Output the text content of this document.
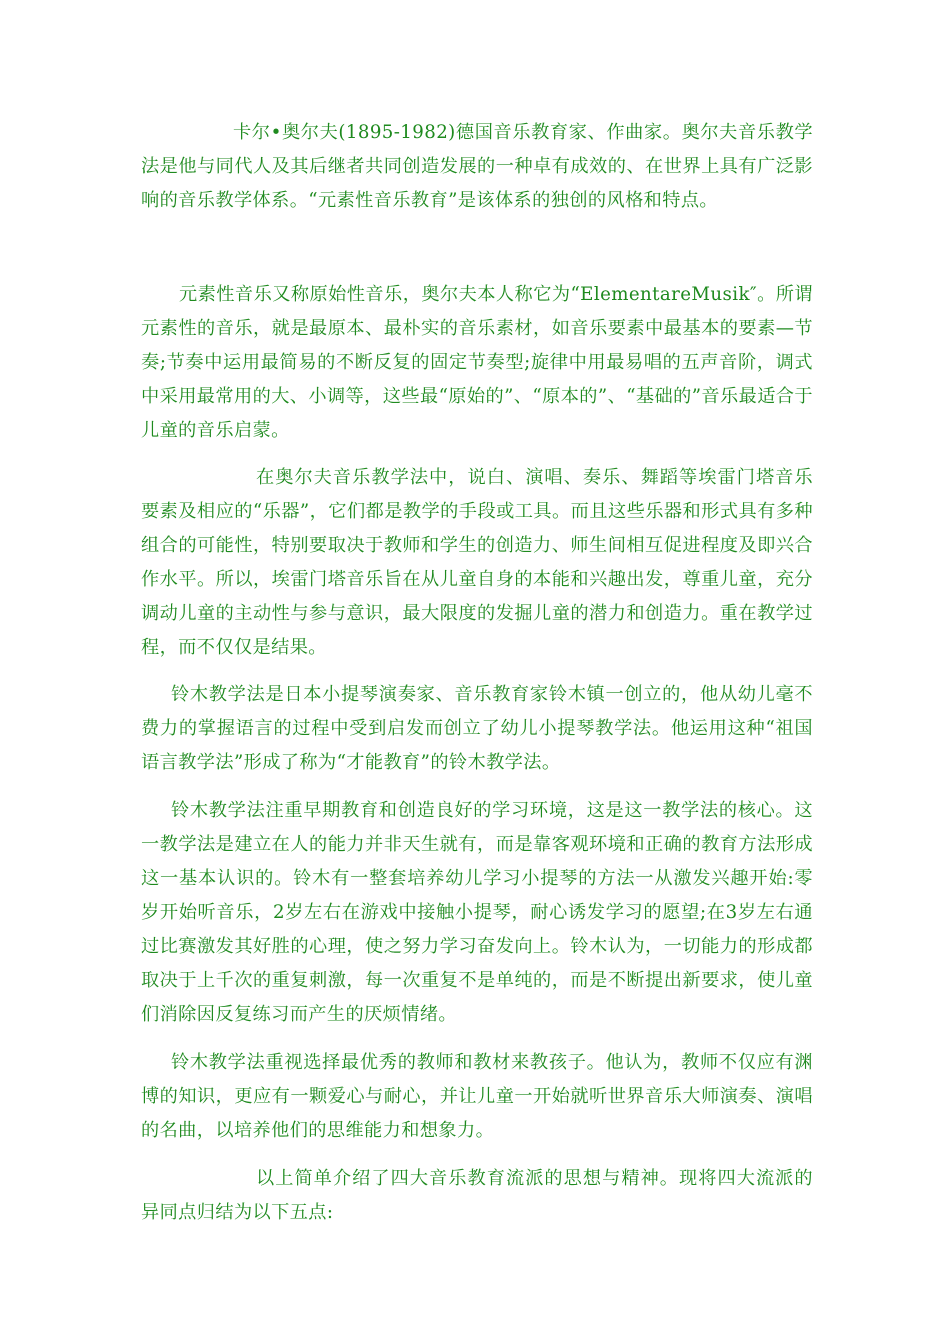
卡尔•奥尔夫(1895-1982)德国音乐教育家、作曲家。奥尔夫音乐教学法是他与同代人及其后继者共同创造发展的一种卓有成效的、在世界上具有广泛影响的音乐教学体系。“元素性音乐教育”是该体系的独创的风格和特点。

元素性音乐又称原始性音乐，奥尔夫本人称它为“ElementareMusik″。所谓元素性的音乐，就是最原本、最朴实的音乐素材，如音乐要素中最基本的要素—节奏;节奏中运用最简易的不断反复的固定节奏型;旋律中用最易唱的五声音阶，调式中采用最常用的大、小调等，这些最“原始的”、“原本的”、“基础的”音乐最适合于儿童的音乐启蒙。

在奥尔夫音乐教学法中，说白、演唱、奏乐、舞蹈等埃雷门塔音乐要素及相应的“乐器”，它们都是教学的手段或工具。而且这些乐器和形式具有多种组合的可能性，特别要取决于教师和学生的创造力、师生间相互促进程度及即兴合作水平。所以，埃雷门塔音乐旨在从儿童自身的本能和兴趣出发，尊重儿童，充分调动儿童的主动性与参与意识，最大限度的发掘儿童的潜力和创造力。重在教学过程，而不仅仅是结果。

铃木教学法是日本小提琴演奏家、音乐教育家铃木镇一创立的，他从幼儿毫不费力的掌握语言的过程中受到启发而创立了幼儿小提琴教学法。他运用这种“祖国语言教学法”形成了称为“才能教育”的铃木教学法。

铃木教学法注重早期教育和创造良好的学习环境，这是这一教学法的核心。这一教学法是建立在人的能力并非天生就有，而是靠客观环境和正确的教育方法形成这一基本认识的。铃木有一整套培养幼儿学习小提琴的方法一从激发兴趣开始:零岁开始听音乐，2岁左右在游戏中接触小提琴，耐心诱发学习的愿望;在3岁左右通过比赛激发其好胜的心理，使之努力学习奋发向上。铃木认为，一切能力的形成都取决于上千次的重复刺激，每一次重复不是单纯的，而是不断提出新要求，使儿童们消除因反复练习而产生的厌烦情绪。

铃木教学法重视选择最优秀的教师和教材来教孩子。他认为，教师不仅应有渊博的知识，更应有一颗爱心与耐心，并让儿童一开始就听世界音乐大师演奏、演唱的名曲，以培养他们的思维能力和想象力。

以上简单介绍了四大音乐教育流派的思想与精神。现将四大流派的异同点归结为以下五点:
